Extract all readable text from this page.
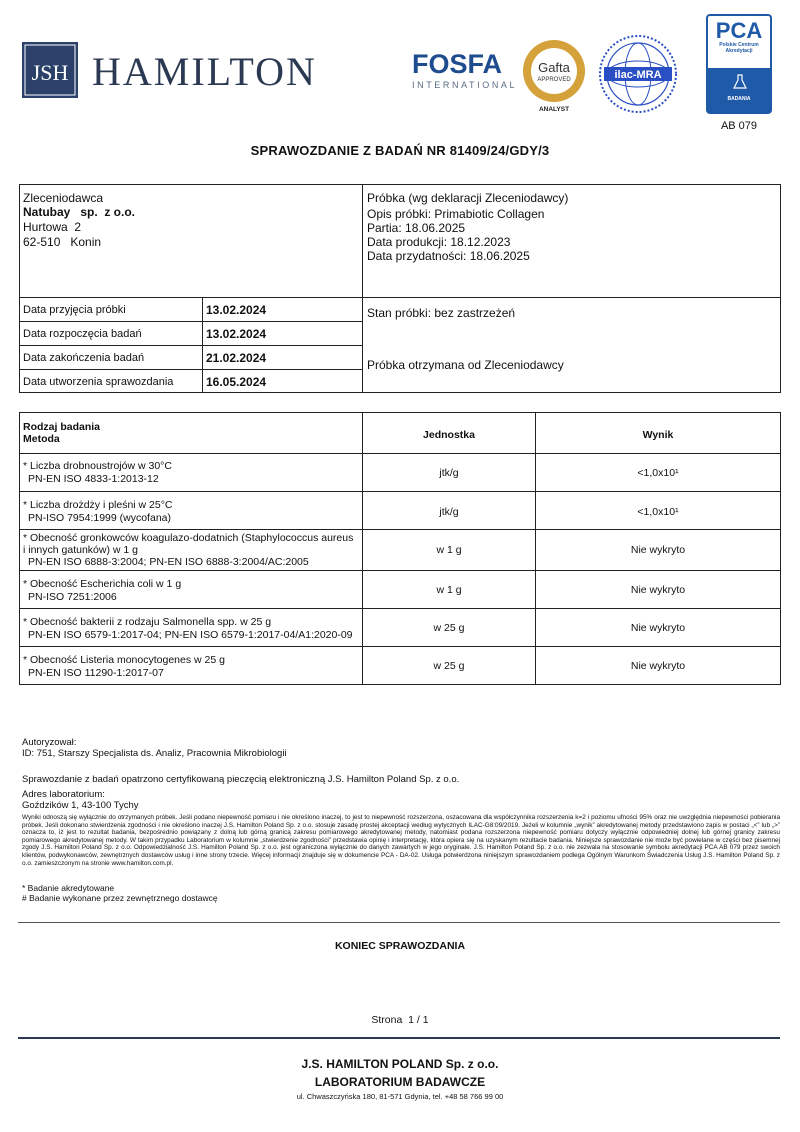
JSH HAMILTON	FOSFA
INTERNATIONAL
Gafta
APPROVED
ANALYST
ilac-MRA
PCA
Polskie Centrum
Akredytacji
BADANIA
AB 079
SPRAWOZDANIE Z BADAŃ NR 81409/24/GDY/3
Zleceniodawca
Natubay   sp.  z o.o.
Hurtowa  2
62-510   Konin
Próbka (wg deklaracji Zleceniodawcy)
Opis próbki: Primabiotic Collagen
Partia: 18.06.2025
Data produkcji: 18.12.2023
Data przydatności: 18.06.2025
Data przyjęcia próbki	13.02.2024
Data rozpoczęcia badań	13.02.2024
Data zakończenia badań	21.02.2024
Data utworzenia sprawozdania	16.05.2024
Stan próbki: bez zastrzeżeń
Próbka otrzymana od Zleceniodawcy
Rodzaj badania
Metoda	Jednostka	Wynik
* Liczba drobnoustrojów w 30°C
PN-EN ISO 4833-1:2013-12	jtk/g	<1,0x10¹
* Liczba drożdży i pleśni w 25°C
PN-ISO 7954:1999 (wycofana)	jtk/g	<1,0x10¹
* Obecność gronkowców koagulazo-dodatnich (Staphylococcus aureus
i innych gatunków) w 1 g
PN-EN ISO 6888-3:2004; PN-EN ISO 6888-3:2004/AC:2005
w 1 g	Nie wykryto
* Obecność Escherichia coli w 1 g
PN-ISO 7251:2006
w 1 g	Nie wykryto
* Obecność bakterii z rodzaju Salmonella spp. w 25 g
PN-EN ISO 6579-1:2017-04; PN-EN ISO 6579-1:2017-04/A1:2020-09
w 25 g	Nie wykryto
* Obecność Listeria monocytogenes w 25 g
PN-EN ISO 11290-1:2017-07
w 25 g	Nie wykryto
Autoryzował:
ID: 751, Starszy Specjalista ds. Analiz, Pracownia Mikrobiologii
Sprawozdanie z badań opatrzono certyfikowaną pieczęcią elektroniczną J.S. Hamilton Poland Sp. z o.o.
Adres laboratorium:
Goździków 1, 43-100 Tychy
Wyniki odnoszą się wyłącznie do otrzymanych próbek. Jeśli podano niepewność pomiaru i nie określono inaczej, to jest to niepewność rozszerzona, oszacowana dla współczynnika rozszerzenia k=2 i poziomu ufności 95% oraz nie uwzględnia niepewności pobierania próbek. Jeśli dokonano stwierdzenia zgodności i nie określono inaczej J.S. Hamilton Poland Sp. z o.o. stosuje zasadę prostej akceptacji według wytycznych ILAC-G8:09/2019. Jeżeli w kolumnie „wynik” akredytowanej metody przedstawiono zapis w postaci „<” lub „>” oznacza to, iż jest to rezultat badania, bezpośrednio powiązany z dolną lub górną granicą zakresu pomiarowego akredytowanej metody, natomiast podana rozszerzona niepewność pomiaru dotyczy wyłącznie odpowiedniej dolnej lub górnej granicy zakresu pomiarowego akredytowanej metody. W takim przypadku Laboratorium w kolumnie „stwierdzenie zgodności” przedstawia opinię i interpretację, która opiera się na uzyskanym rezultacie badania. Niniejsze sprawozdanie nie może być powielane w części bez pisemnej zgody J.S. Hamilton Poland Sp. z o.o. Odpowiedzialność J.S. Hamilton Poland Sp. z o.o. jest ograniczona wyłącznie do danych zawartych w jego oryginale. J.S. Hamilton Poland Sp. z o.o. nie zezwala na stosowanie symbolu akredytacji PCA AB 079 przez swoich klientów, podwykonawców, zewnętrznych dostawców usług i inne strony trzecie. Więcej informacji znajduje się w dokumencie PCA - DA-02. Usługa potwierdzona niniejszym sprawozdaniem podlega Ogólnym Warunkom Świadczenia Usług J.S. Hamilton Poland Sp. z o.o. zamieszczonym na stronie www.hamilton.com.pl.
* Badanie akredytowane
# Badanie wykonane przez zewnętrznego dostawcę
KONIEC SPRAWOZDANIA
Strona  1 / 1
J.S. HAMILTON POLAND Sp. z o.o.
LABORATORIUM BADAWCZE
ul. Chwaszczyńska 180, 81-571 Gdynia, tel. +48 58 766 99 00
